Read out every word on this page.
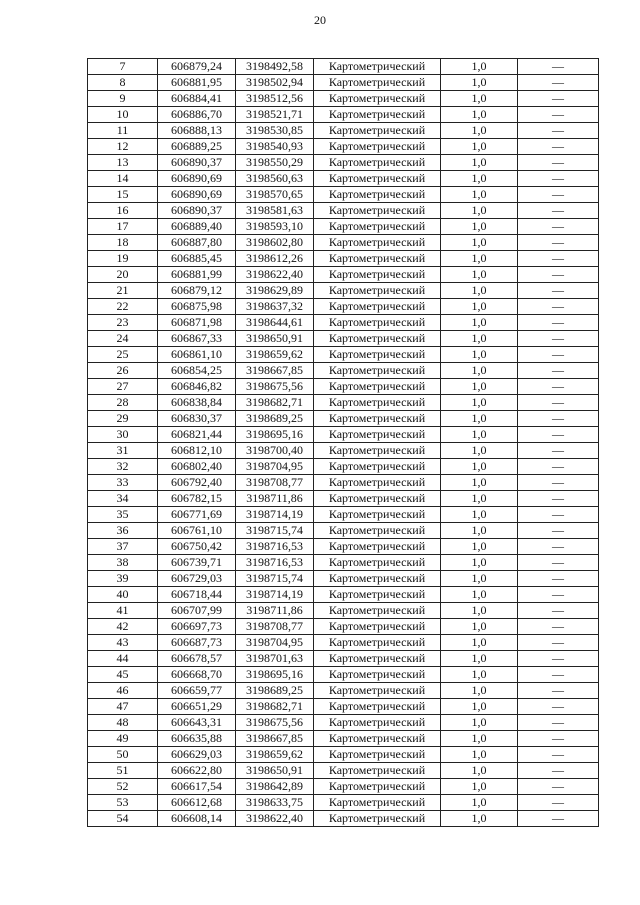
20
7	606879,24	3198492,58	Картометрический	1,0	—
8	606881,95	3198502,94	Картометрический	1,0	—
9	606884,41	3198512,56	Картометрический	1,0	—
10	606886,70	3198521,71	Картометрический	1,0	—
11	606888,13	3198530,85	Картометрический	1,0	—
12	606889,25	3198540,93	Картометрический	1,0	—
13	606890,37	3198550,29	Картометрический	1,0	—
14	606890,69	3198560,63	Картометрический	1,0	—
15	606890,69	3198570,65	Картометрический	1,0	—
16	606890,37	3198581,63	Картометрический	1,0	—
17	606889,40	3198593,10	Картометрический	1,0	—
18	606887,80	3198602,80	Картометрический	1,0	—
19	606885,45	3198612,26	Картометрический	1,0	—
20	606881,99	3198622,40	Картометрический	1,0	—
21	606879,12	3198629,89	Картометрический	1,0	—
22	606875,98	3198637,32	Картометрический	1,0	—
23	606871,98	3198644,61	Картометрический	1,0	—
24	606867,33	3198650,91	Картометрический	1,0	—
25	606861,10	3198659,62	Картометрический	1,0	—
26	606854,25	3198667,85	Картометрический	1,0	—
27	606846,82	3198675,56	Картометрический	1,0	—
28	606838,84	3198682,71	Картометрический	1,0	—
29	606830,37	3198689,25	Картометрический	1,0	—
30	606821,44	3198695,16	Картометрический	1,0	—
31	606812,10	3198700,40	Картометрический	1,0	—
32	606802,40	3198704,95	Картометрический	1,0	—
33	606792,40	3198708,77	Картометрический	1,0	—
34	606782,15	3198711,86	Картометрический	1,0	—
35	606771,69	3198714,19	Картометрический	1,0	—
36	606761,10	3198715,74	Картометрический	1,0	—
37	606750,42	3198716,53	Картометрический	1,0	—
38	606739,71	3198716,53	Картометрический	1,0	—
39	606729,03	3198715,74	Картометрический	1,0	—
40	606718,44	3198714,19	Картометрический	1,0	—
41	606707,99	3198711,86	Картометрический	1,0	—
42	606697,73	3198708,77	Картометрический	1,0	—
43	606687,73	3198704,95	Картометрический	1,0	—
44	606678,57	3198701,63	Картометрический	1,0	—
45	606668,70	3198695,16	Картометрический	1,0	—
46	606659,77	3198689,25	Картометрический	1,0	—
47	606651,29	3198682,71	Картометрический	1,0	—
48	606643,31	3198675,56	Картометрический	1,0	—
49	606635,88	3198667,85	Картометрический	1,0	—
50	606629,03	3198659,62	Картометрический	1,0	—
51	606622,80	3198650,91	Картометрический	1,0	—
52	606617,54	3198642,89	Картометрический	1,0	—
53	606612,68	3198633,75	Картометрический	1,0	—
54	606608,14	3198622,40	Картометрический	1,0	—
